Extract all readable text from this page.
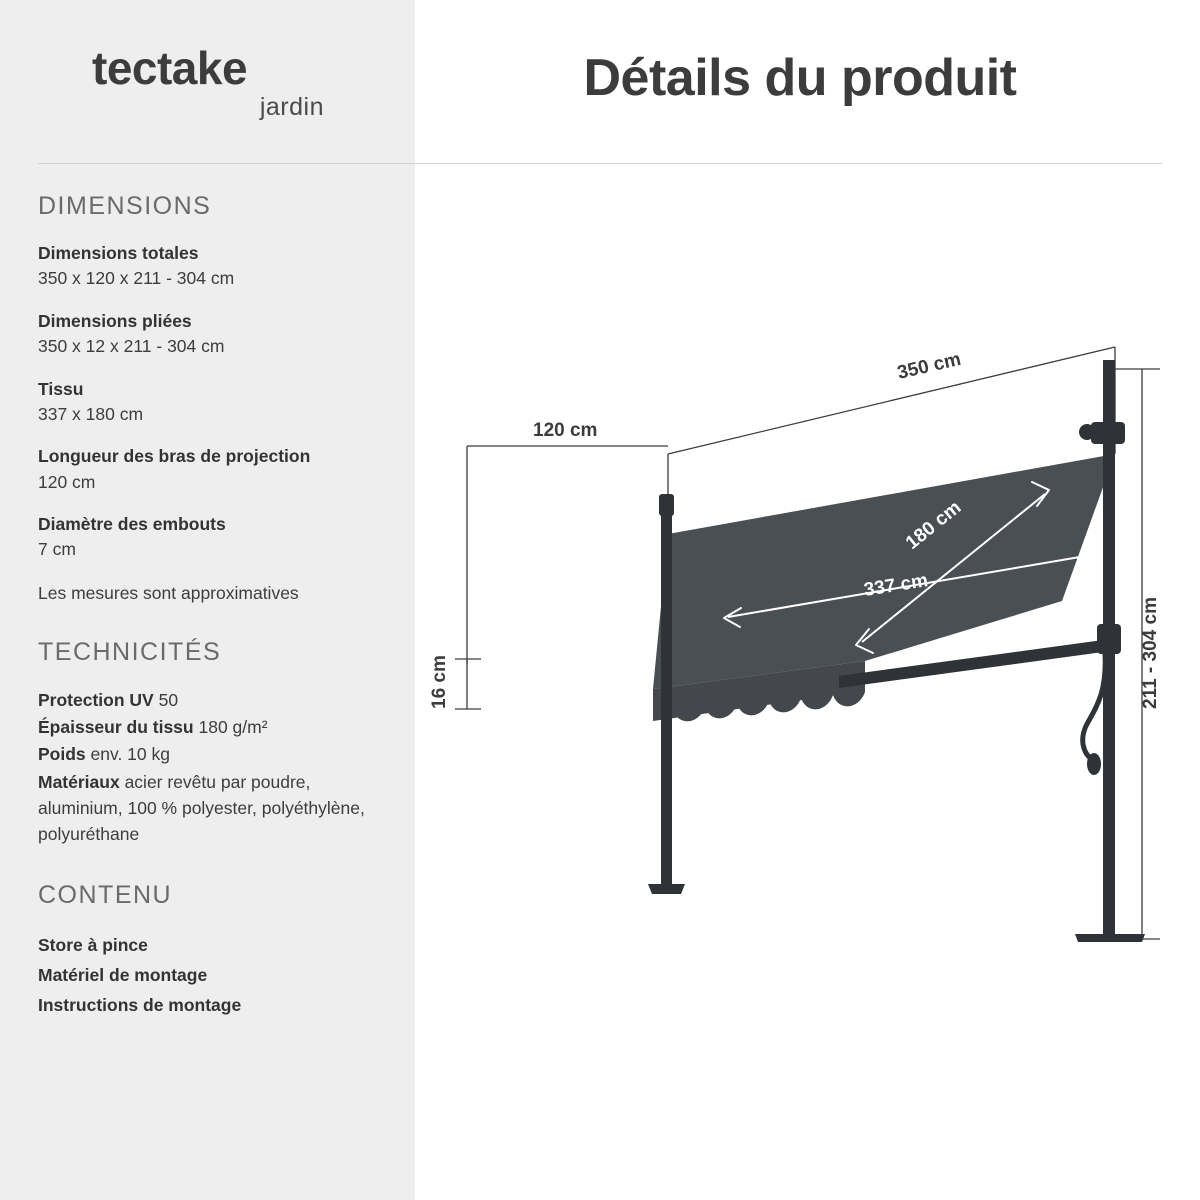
tectake
jardin	Détails du produit
DIMENSIONS
Dimensions totales
350 x 120 x 211 - 304 cm
Dimensions pliées
350 x 12 x 211 - 304 cm
Tissu
337 x 180 cm
Longueur des bras de projection
120 cm
Diamètre des embouts
7 cm
Les mesures sont approximatives
TECHNICITÉS
Protection UV 50
Épaisseur du tissu 180 g/m²
Poids env. 10 kg
Matériaux acier revêtu par poudre, aluminium, 100 % polyester, polyéthylène, polyuréthane
CONTENU
Store à pince
Matériel de montage
Instructions de montage
350 cm
120 cm
180 cm
337 cm
16 cm	211 - 304 cm
